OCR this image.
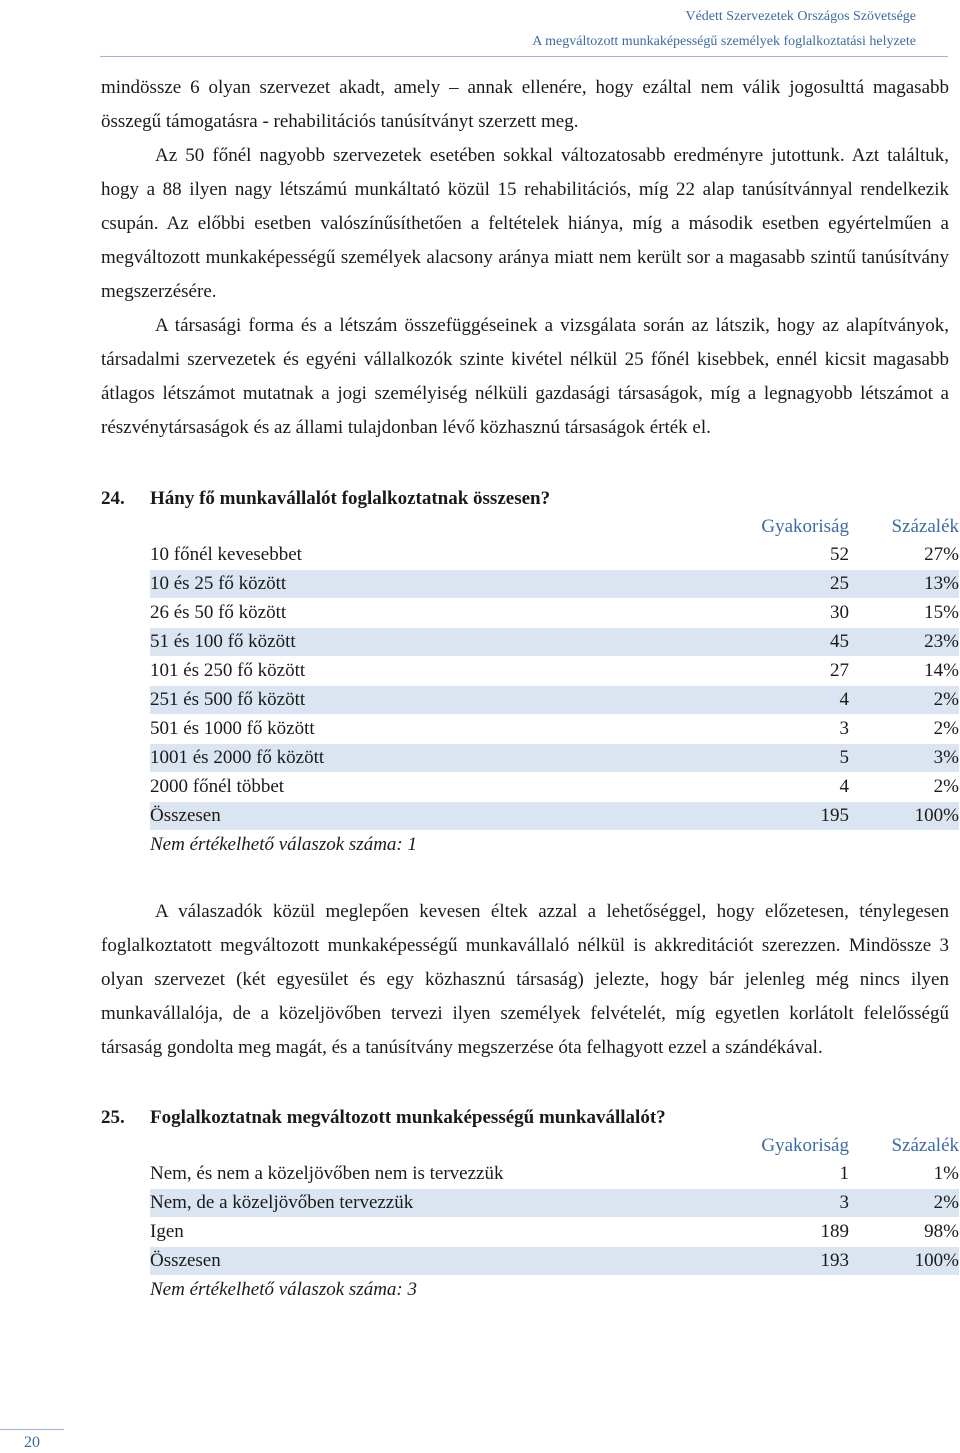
Védett Szervezetek Országos Szövetsége
A megváltozott munkaképességű személyek foglalkoztatási helyzete

mindössze 6 olyan szervezet akadt, amely – annak ellenére, hogy ezáltal nem válik jogosulttá magasabb összegű támogatásra - rehabilitációs tanúsítványt szerzett meg.

Az 50 főnél nagyobb szervezetek esetében sokkal változatosabb eredményre jutottunk. Azt találtuk, hogy a 88 ilyen nagy létszámú munkáltató közül 15 rehabilitációs, míg 22 alap tanúsítvánnyal rendelkezik csupán. Az előbbi esetben valószínűsíthetően a feltételek hiánya, míg a második esetben egyértelműen a megváltozott munkaképességű személyek alacsony aránya miatt nem került sor a magasabb szintű tanúsítvány megszerzésére.

A társasági forma és a létszám összefüggéseinek a vizsgálata során az látszik, hogy az alapítványok, társadalmi szervezetek és egyéni vállalkozók szinte kivétel nélkül 25 főnél kisebbek, ennél kicsit magasabb átlagos létszámot mutatnak a jogi személyiség nélküli gazdasági társaságok, míg a legnagyobb létszámot a részvénytársaságok és az állami tulajdonban lévő közhasznú társaságok érték el.

24. Hány fő munkavállalót foglalkoztatnak összesen?
	Gyakoriság	Százalék
10 főnél kevesebbet	52	27%
10 és 25 fő között	25	13%
26 és 50 fő között	30	15%
51 és 100 fő között	45	23%
101 és 250 fő között	27	14%
251 és 500 fő között	4	2%
501 és 1000 fő között	3	2%
1001 és 2000 fő között	5	3%
2000 főnél többet	4	2%
Összesen	195	100%
Nem értékelhető válaszok száma: 1

A válaszadók közül meglepően kevesen éltek azzal a lehetőséggel, hogy előzetesen, ténylegesen foglalkoztatott megváltozott munkaképességű munkavállaló nélkül is akkreditációt szerezzen. Mindössze 3 olyan szervezet (két egyesület és egy közhasznú társaság) jelezte, hogy bár jelenleg még nincs ilyen munkavállalója, de a közeljövőben tervezi ilyen személyek felvételét, míg egyetlen korlátolt felelősségű társaság gondolta meg magát, és a tanúsítvány megszerzése óta felhagyott ezzel a szándékával.

25. Foglalkoztatnak megváltozott munkaképességű munkavállalót?
	Gyakoriság	Százalék
Nem, és nem a közeljövőben nem is tervezzük	1	1%
Nem, de a közeljövőben tervezzük	3	2%
Igen	189	98%
Összesen	193	100%
Nem értékelhető válaszok száma: 3
20
